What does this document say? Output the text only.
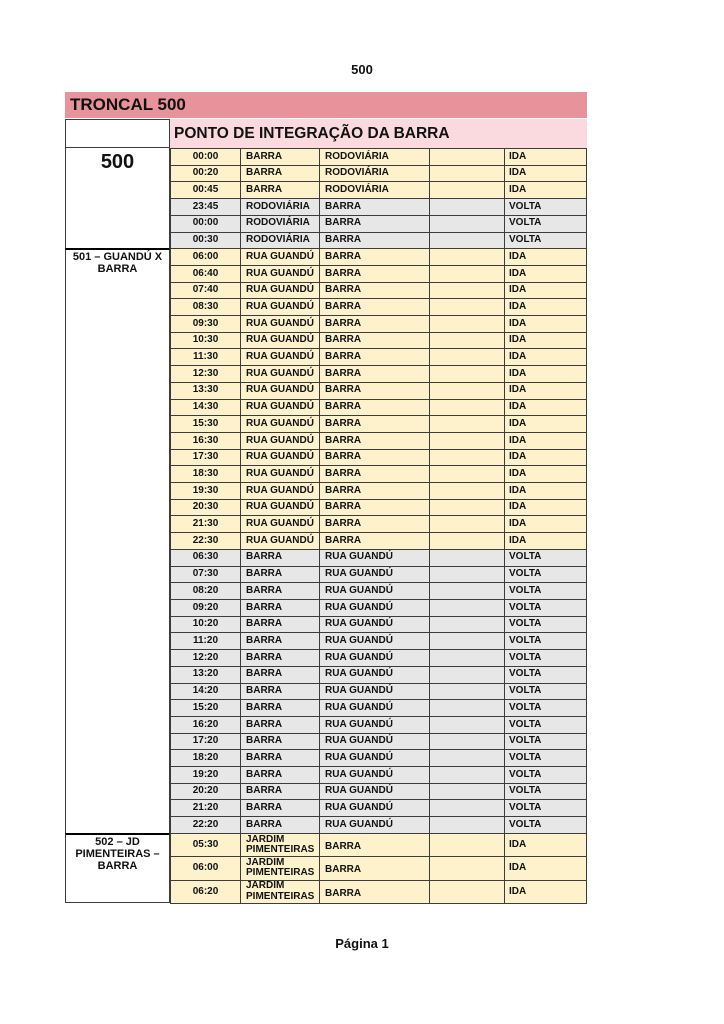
500
TRONCAL 500
PONTO DE INTEGRAÇÃO DA BARRA
500
501 – GUANDÚ X BARRA
502 – JD PIMENTEIRAS – BARRA
00:00	BARRA	RODOVIÁRIA	IDA
00:20	BARRA	RODOVIÁRIA	IDA
00:45	BARRA	RODOVIÁRIA	IDA
23:45	RODOVIÁRIA	BARRA	VOLTA
00:00	RODOVIÁRIA	BARRA	VOLTA
00:30	RODOVIÁRIA	BARRA	VOLTA
06:00	RUA GUANDÚ	BARRA	IDA
06:40	RUA GUANDÚ	BARRA	IDA
07:40	RUA GUANDÚ	BARRA	IDA
08:30	RUA GUANDÚ	BARRA	IDA
09:30	RUA GUANDÚ	BARRA	IDA
10:30	RUA GUANDÚ	BARRA	IDA
11:30	RUA GUANDÚ	BARRA	IDA
12:30	RUA GUANDÚ	BARRA	IDA
13:30	RUA GUANDÚ	BARRA	IDA
14:30	RUA GUANDÚ	BARRA	IDA
15:30	RUA GUANDÚ	BARRA	IDA
16:30	RUA GUANDÚ	BARRA	IDA
17:30	RUA GUANDÚ	BARRA	IDA
18:30	RUA GUANDÚ	BARRA	IDA
19:30	RUA GUANDÚ	BARRA	IDA
20:30	RUA GUANDÚ	BARRA	IDA
21:30	RUA GUANDÚ	BARRA	IDA
22:30	RUA GUANDÚ	BARRA	IDA
06:30	BARRA	RUA GUANDÚ	VOLTA
07:30	BARRA	RUA GUANDÚ	VOLTA
08:20	BARRA	RUA GUANDÚ	VOLTA
09:20	BARRA	RUA GUANDÚ	VOLTA
10:20	BARRA	RUA GUANDÚ	VOLTA
11:20	BARRA	RUA GUANDÚ	VOLTA
12:20	BARRA	RUA GUANDÚ	VOLTA
13:20	BARRA	RUA GUANDÚ	VOLTA
14:20	BARRA	RUA GUANDÚ	VOLTA
15:20	BARRA	RUA GUANDÚ	VOLTA
16:20	BARRA	RUA GUANDÚ	VOLTA
17:20	BARRA	RUA GUANDÚ	VOLTA
18:20	BARRA	RUA GUANDÚ	VOLTA
19:20	BARRA	RUA GUANDÚ	VOLTA
20:20	BARRA	RUA GUANDÚ	VOLTA
21:20	BARRA	RUA GUANDÚ	VOLTA
22:20	BARRA	RUA GUANDÚ	VOLTA
05:30	JARDIM PIMENTEIRAS	BARRA	IDA
06:00	JARDIM PIMENTEIRAS	BARRA	IDA
06:20	JARDIM PIMENTEIRAS	BARRA	IDA
Página 1
